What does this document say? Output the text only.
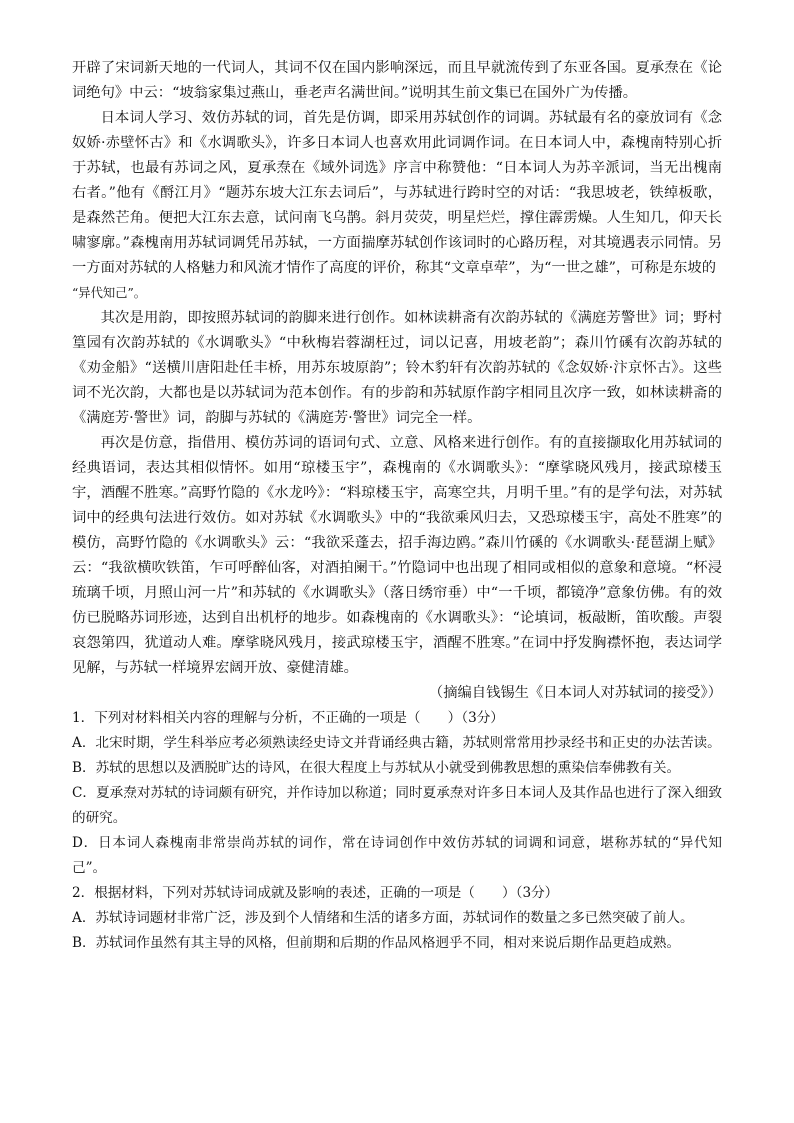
开辟了宋词新天地的一代词人，其词不仅在国内影响深远，而且早就流传到了东亚各国。夏承焘在《论词绝句》中云：“坡翁家集过燕山，垂老声名满世间。”说明其生前文集已在国外广为传播。

日本词人学习、效仿苏轼的词，首先是仿调，即采用苏轼创作的词调。苏轼最有名的豪放词有《念奴娇·赤壁怀古》和《水调歌头》，许多日本词人也喜欢用此词调作词。在日本词人中，森槐南特别心折于苏轼，也最有苏词之风，夏承焘在《域外词选》序言中称赞他：“日本词人为苏辛派词，当无出槐南右者。”他有《酹江月》“题苏东坡大江东去词后”，与苏轼进行跨时空的对话：“我思坡老，铁绰板歌，是森然芒角。便把大江东去意，试问南飞乌鹊。斜月荧荧，明星烂烂，撑住霹雳燥。人生知几，仰天长啸寥廓。”森槐南用苏轼词调凭吊苏轼，一方面揣摩苏轼创作该词时的心路历程，对其境遇表示同情。另一方面对苏轼的人格魅力和风流才情作了高度的评价，称其“文章卓荦”，为“一世之雄”，可称是东坡的
“异代知己”。

其次是用韵，即按照苏轼词的韵脚来进行创作。如林读耕斋有次韵苏轼的《满庭芳警世》词；野村篁园有次韵苏轼的《水调歌头》“中秋梅岩蓉湖枉过，词以记喜，用坡老韵”；森川竹磎有次韵苏轼的《劝金船》“送横川唐阳赴任丰桥，用苏东坡原韵”；铃木豹轩有次韵苏轼的《念奴娇·汴京怀古》。这些词不光次韵，大都也是以苏轼词为范本创作。有的步韵和苏轼原作韵字相同且次序一致，如林读耕斋的《满庭芳·警世》词，韵脚与苏轼的《满庭芳·警世》词完全一样。

再次是仿意，指借用、模仿苏词的语词句式、立意、风格来进行创作。有的直接撷取化用苏轼词的经典语词，表达其相似情怀。如用“琼楼玉宇”，森槐南的《水调歌头》：“摩挲晓风残月，接武琼楼玉宇，酒醒不胜寒。”高野竹隐的《水龙吟》：“料琼楼玉宇，高寒空共，月明千里。”有的是学句法，对苏轼词中的经典句法进行效仿。如对苏轼《水调歌头》中的“我欲乘风归去，又恐琼楼玉宇，高处不胜寒”的模仿，高野竹隐的《水调歌头》云：“我欲采蓬去，招手海边鸥。”森川竹磎的《水调歌头·琵琶湖上赋》云：“我欲横吹铁笛，乍可呼醉仙客，对酒拍阑干。”竹隐词中也出现了相同或相似的意象和意境。“杯浸琉璃千顷，月照山河一片”和苏轼的《水调歌头》（落日绣帘垂）中“一千顷，都镜净”意象仿佛。有的效仿已脱略苏词形迹，达到自出机杼的地步。如森槐南的《水调歌头》：“论填词，板敲断，笛吹酸。声裂哀怨第四，犹道动人难。摩挲晓风残月，接武琼楼玉宇，酒醒不胜寒。”在词中抒发胸襟怀抱，表达词学见解，与苏轼一样境界宏阔开放、豪健清雄。

（摘编自钱锡生《日本词人对苏轼词的接受》）

1．下列对材料相关内容的理解与分析，不正确的一项是（　　）（3分）

A．北宋时期，学生科举应考必须熟读经史诗文并背诵经典古籍，苏轼则常常用抄录经书和正史的办法苦读。

B．苏轼的思想以及洒脱旷达的诗风，在很大程度上与苏轼从小就受到佛教思想的熏染信奉佛教有关。

C．夏承焘对苏轼的诗词颇有研究，并作诗加以称道；同时夏承焘对许多日本词人及其作品也进行了深入细致的研究。

D．日本词人森槐南非常崇尚苏轼的词作，常在诗词创作中效仿苏轼的词调和词意，堪称苏轼的“异代知己”。

2．根据材料，下列对苏轼诗词成就及影响的表述，正确的一项是（　　）（3分）

A．苏轼诗词题材非常广泛，涉及到个人情绪和生活的诸多方面，苏轼词作的数量之多已然突破了前人。

B．苏轼词作虽然有其主导的风格，但前期和后期的作品风格迥乎不同，相对来说后期作品更趋成熟。
